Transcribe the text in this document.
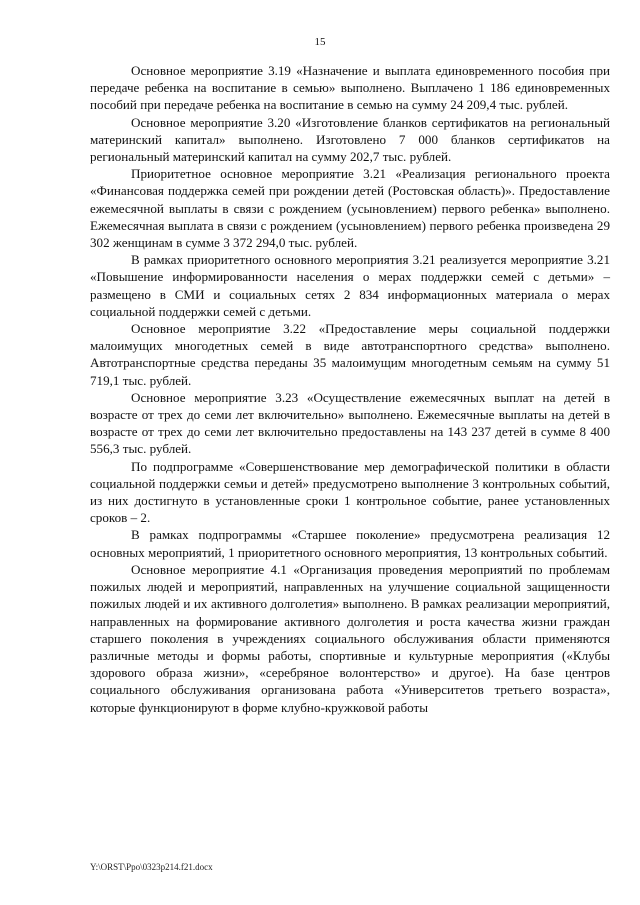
15

Основное мероприятие 3.19 «Назначение и выплата единовременного пособия при передаче ребенка на воспитание в семью» выполнено. Выплачено 1 186 единовременных пособий при передаче ребенка на воспитание в семью на сумму 24 209,4 тыс. рублей.

Основное мероприятие 3.20 «Изготовление бланков сертификатов на региональный материнский капитал» выполнено. Изготовлено 7 000 бланков сертификатов на региональный материнский капитал на сумму 202,7 тыс. рублей.

Приоритетное основное мероприятие 3.21 «Реализация регионального проекта «Финансовая поддержка семей при рождении детей (Ростовская область)». Предоставление ежемесячной выплаты в связи с рождением (усыновлением) первого ребенка» выполнено. Ежемесячная выплата в связи с рождением (усыновлением) первого ребенка произведена 29 302 женщинам в сумме 3 372 294,0 тыс. рублей.

В рамках приоритетного основного мероприятия 3.21 реализуется мероприятие 3.21 «Повышение информированности населения о мерах поддержки семей с детьми» – размещено в СМИ и социальных сетях 2 834 информационных материала о мерах социальной поддержки семей с детьми.

Основное мероприятие 3.22 «Предоставление меры социальной поддержки малоимущих многодетных семей в виде автотранспортного средства» выполнено. Автотранспортные средства переданы 35 малоимущим многодетным семьям на сумму 51 719,1 тыс. рублей.

Основное мероприятие 3.23 «Осуществление ежемесячных выплат на детей в возрасте от трех до семи лет включительно» выполнено. Ежемесячные выплаты на детей в возрасте от трех до семи лет включительно предоставлены на 143 237 детей в сумме 8 400 556,3 тыс. рублей.

По подпрограмме «Совершенствование мер демографической политики в области социальной поддержки семьи и детей» предусмотрено выполнение 3 контрольных событий, из них достигнуто в установленные сроки 1 контрольное событие, ранее установленных сроков – 2.

В рамках подпрограммы «Старшее поколение» предусмотрена реализация 12 основных мероприятий, 1 приоритетного основного мероприятия, 13 контрольных событий.

Основное мероприятие 4.1 «Организация проведения мероприятий по проблемам пожилых людей и мероприятий, направленных на улучшение социальной защищенности пожилых людей и их активного долголетия» выполнено. В рамках реализации мероприятий, направленных на формирование активного долголетия и роста качества жизни граждан старшего поколения в учреждениях социального обслуживания области применяются различные методы и формы работы, спортивные и культурные мероприятия («Клубы здорового образа жизни», «серебряное волонтерство» и другое). На базе центров социального обслуживания организована работа «Университетов третьего возраста», которые функционируют в форме клубно-кружковой работы

Y:\ORST\Ppo\0323p214.f21.docx
